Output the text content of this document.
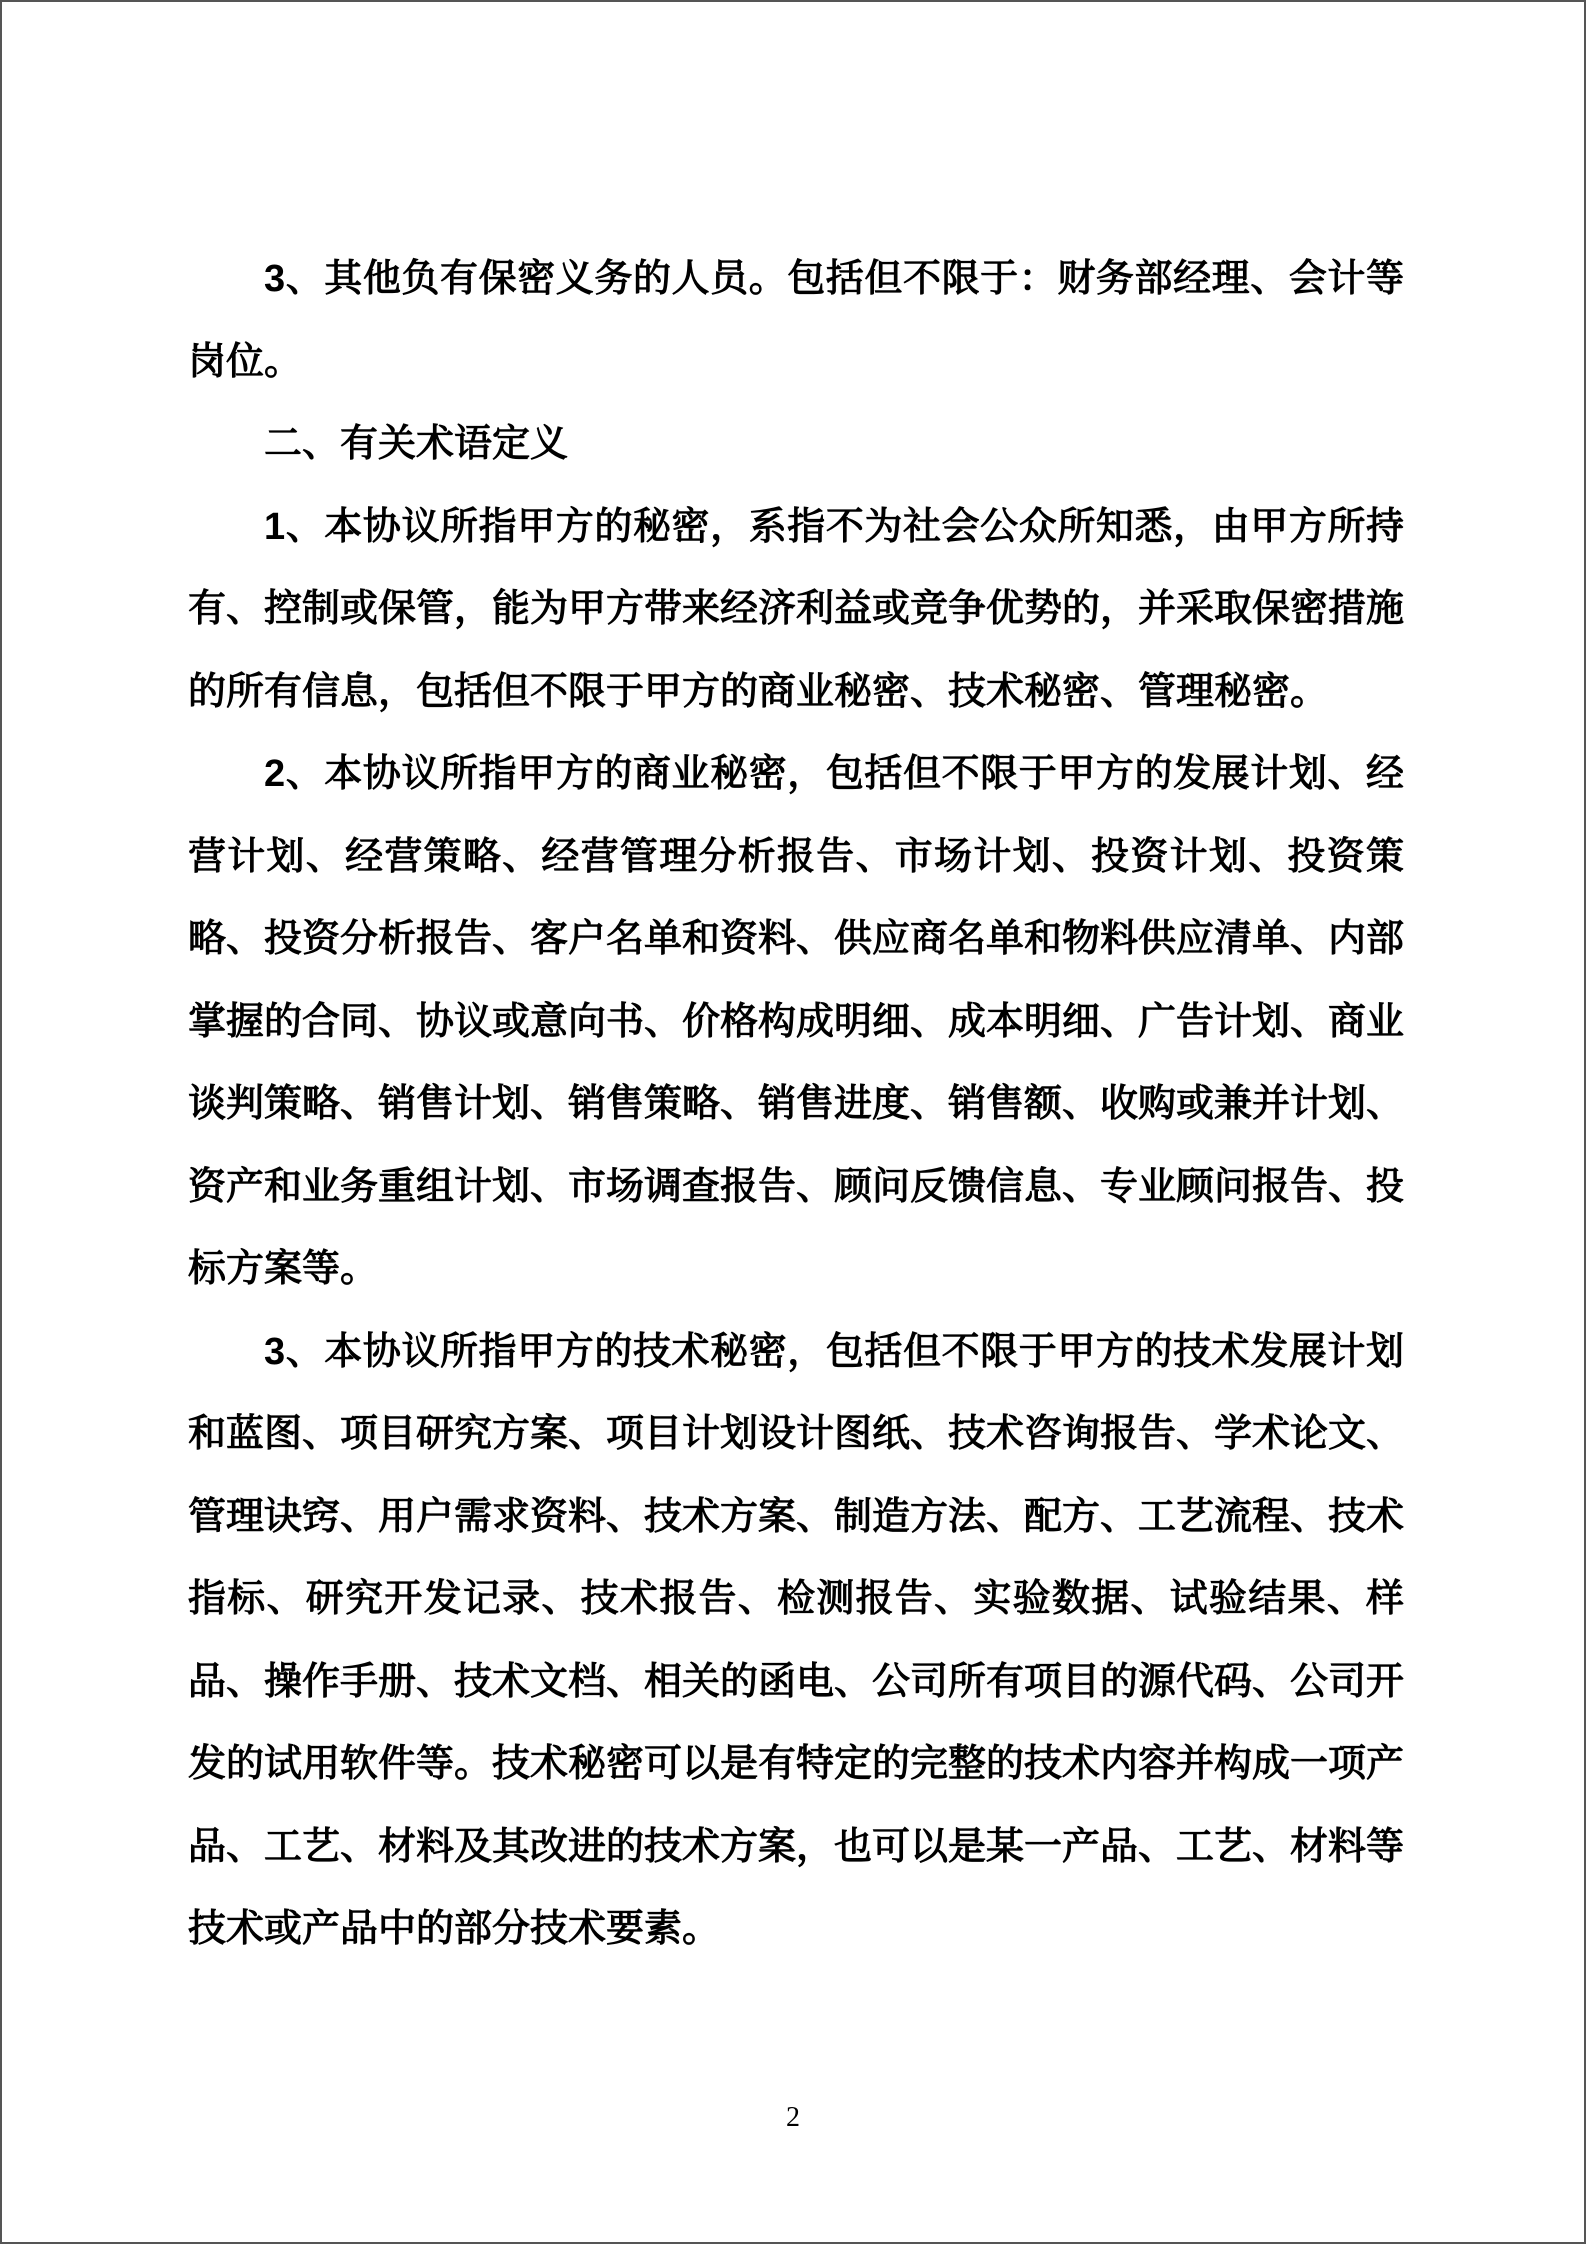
3、其他负有保密义务的人员。包括但不限于：财务部经理、会计等岗位。

二、有关术语定义

1、本协议所指甲方的秘密，系指不为社会公众所知悉，由甲方所持有、控制或保管，能为甲方带来经济利益或竞争优势的，并采取保密措施的所有信息，包括但不限于甲方的商业秘密、技术秘密、管理秘密。

2、本协议所指甲方的商业秘密，包括但不限于甲方的发展计划、经营计划、经营策略、经营管理分析报告、市场计划、投资计划、投资策略、投资分析报告、客户名单和资料、供应商名单和物料供应清单、内部掌握的合同、协议或意向书、价格构成明细、成本明细、广告计划、商业谈判策略、销售计划、销售策略、销售进度、销售额、收购或兼并计划、资产和业务重组计划、市场调查报告、顾问反馈信息、专业顾问报告、投标方案等。

3、本协议所指甲方的技术秘密，包括但不限于甲方的技术发展计划和蓝图、项目研究方案、项目计划设计图纸、技术咨询报告、学术论文、管理诀窍、用户需求资料、技术方案、制造方法、配方、工艺流程、技术指标、研究开发记录、技术报告、检测报告、实验数据、试验结果、样品、操作手册、技术文档、相关的函电、公司所有项目的源代码、公司开发的试用软件等。技术秘密可以是有特定的完整的技术内容并构成一项产品、工艺、材料及其改进的技术方案，也可以是某一产品、工艺、材料等技术或产品中的部分技术要素。

2
